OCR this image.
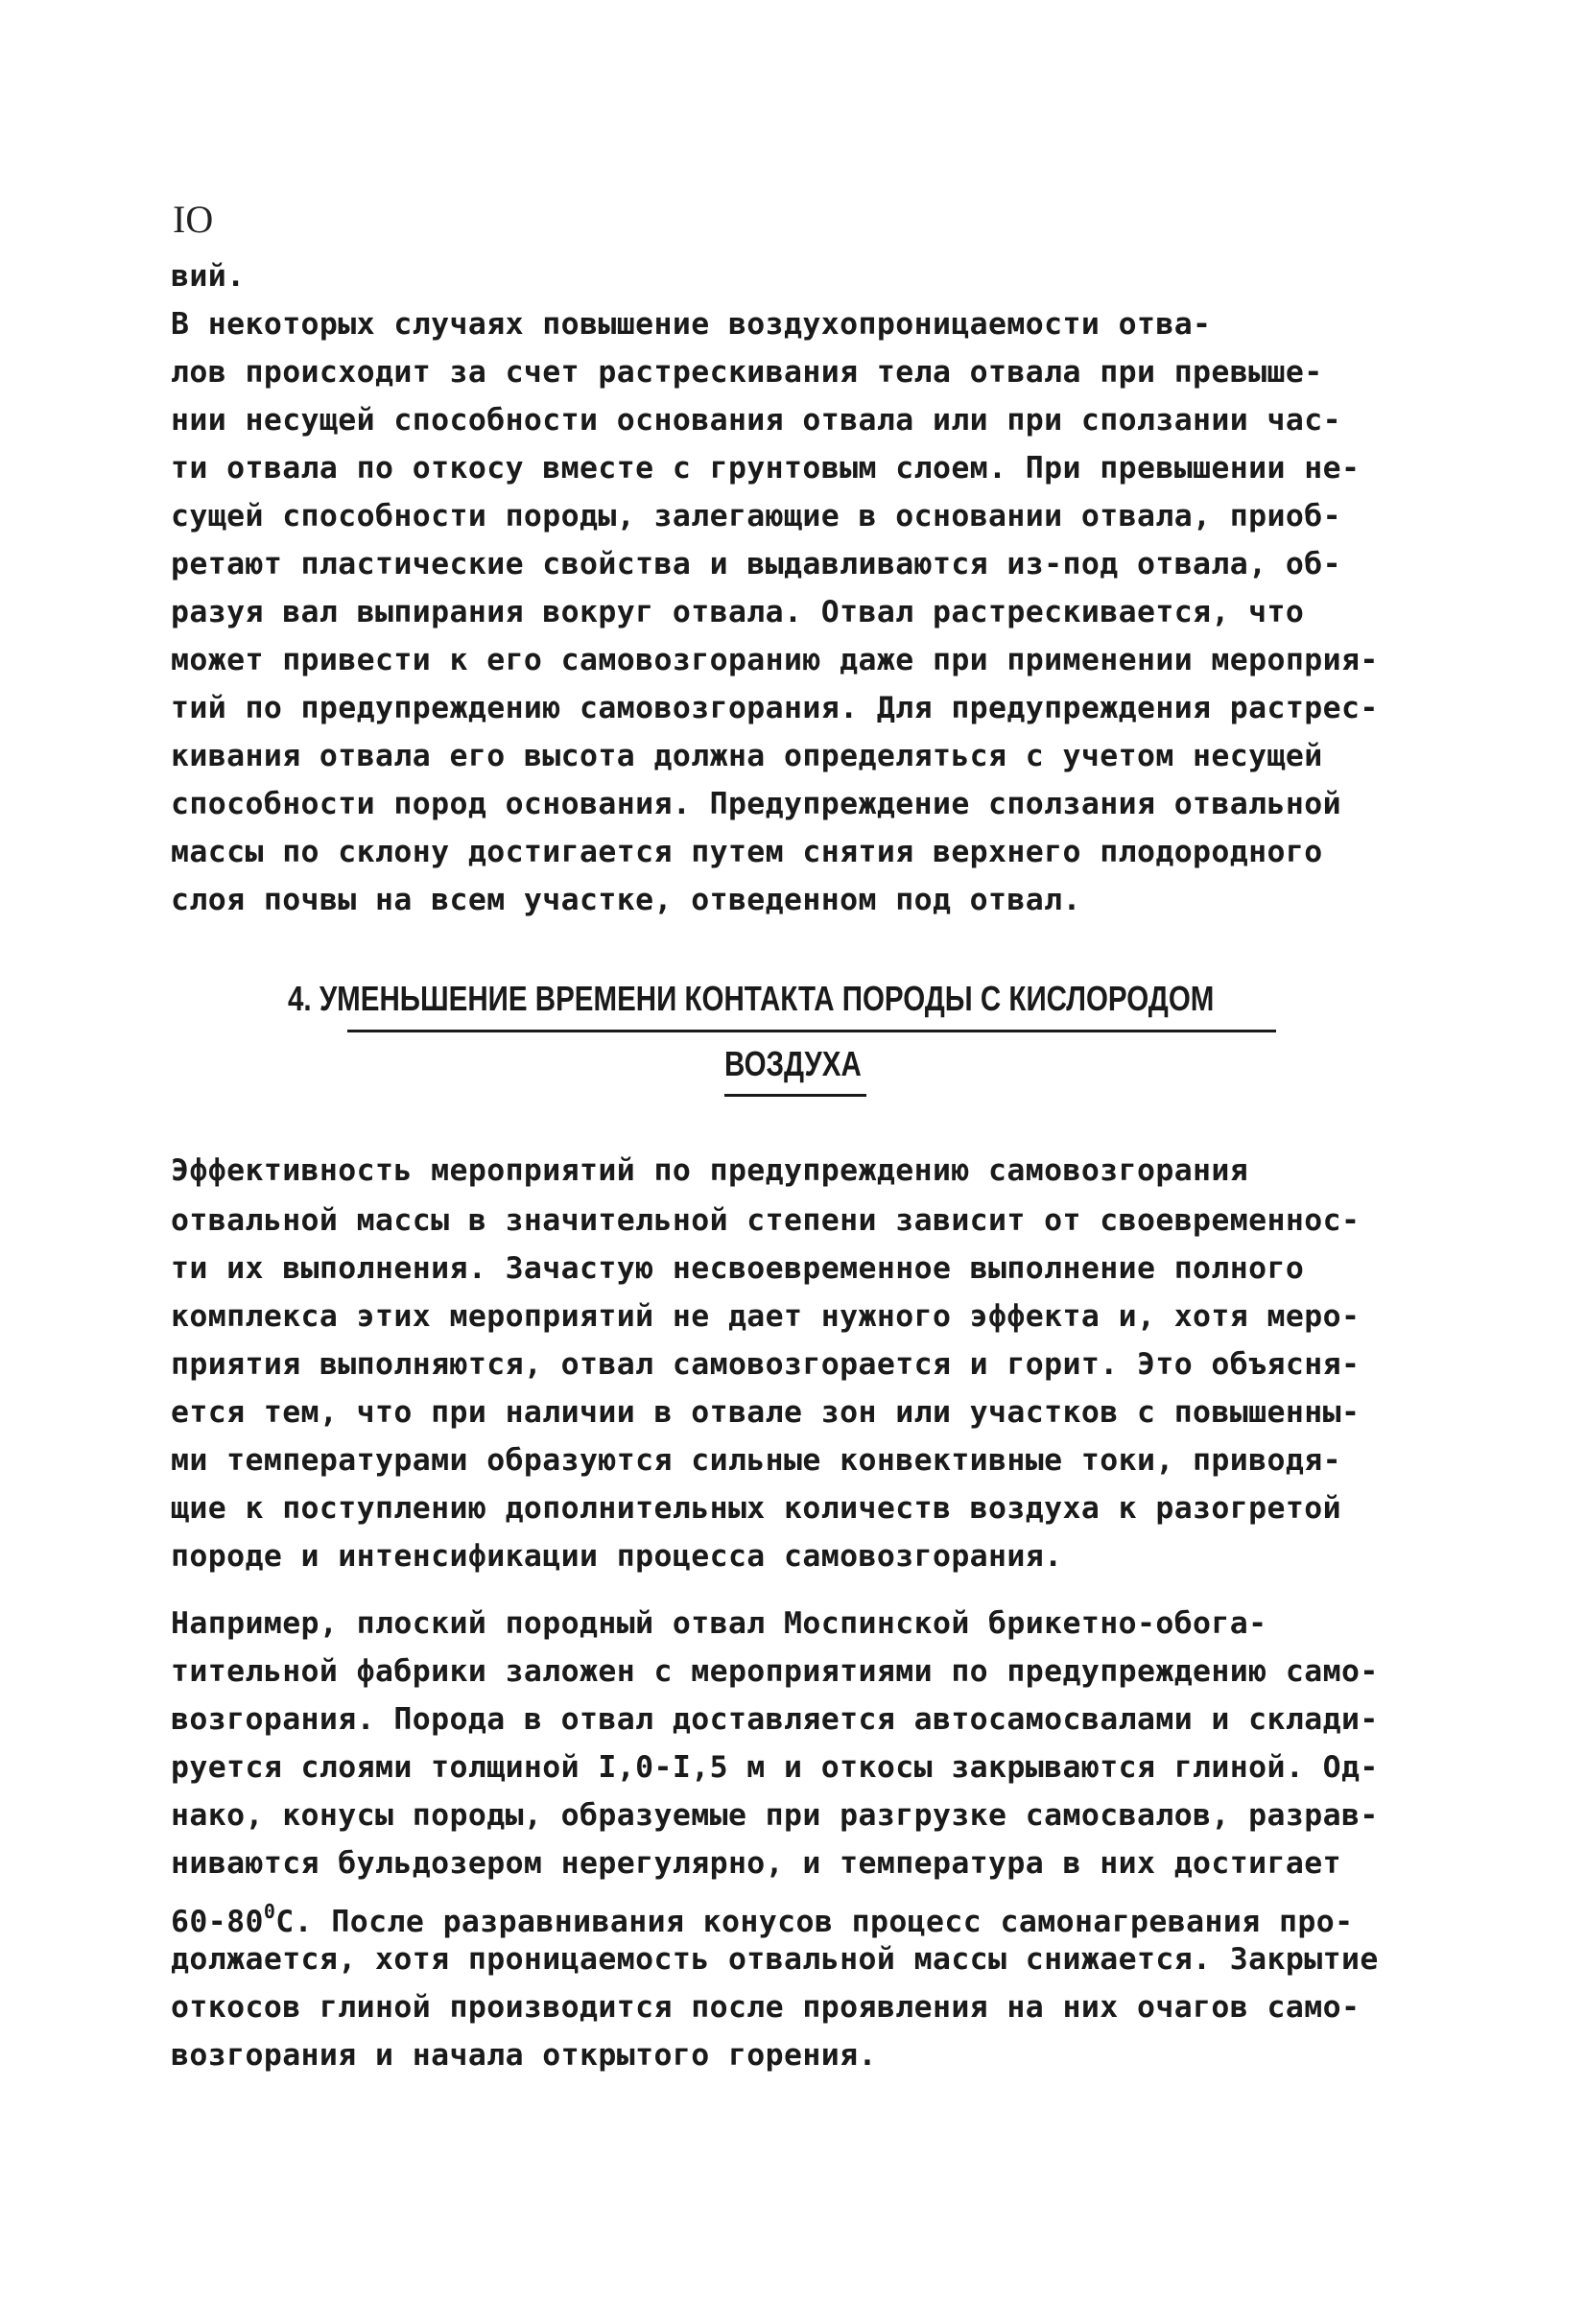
IO
вий.
В некоторых случаях повышение воздухопроницаемости отва-
лов происходит за счет растрескивания тела отвала при превыше-
нии несущей способности основания отвала или при сползании час-
ти отвала по откосу вместе с грунтовым слоем. При превышении не-
сущей способности породы, залегающие в основании отвала, приоб-
ретают пластические свойства и выдавливаются из-под отвала, об-
разуя вал выпирания вокруг отвала. Отвал растрескивается, что
может привести к его самовозгоранию даже при применении мероприя-
тий по предупреждению самовозгорания. Для предупреждения растрес-
кивания отвала его высота должна определяться с учетом несущей
способности пород основания. Предупреждение сползания отвальной
массы по склону достигается путем снятия верхнего плодородного
слоя почвы на всем участке, отведенном под отвал.
4. УМЕНЬШЕНИЕ ВРЕМЕНИ КОНТАКТА ПОРОДЫ С КИСЛОРОДОМ
ВОЗДУХА
Эффективность мероприятий по предупреждению самовозгорания
отвальной массы в значительной степени зависит от своевременнос-
ти их выполнения. Зачастую несвоевременное выполнение полного
комплекса этих мероприятий не дает нужного эффекта и, хотя меро-
приятия выполняются, отвал самовозгорается и горит. Это объясня-
ется тем, что при наличии в отвале зон или участков с повышенны-
ми температурами образуются сильные конвективные токи, приводя-
щие к поступлению дополнительных количеств воздуха к разогретой
породе и интенсификации процесса самовозгорания.
Например, плоский породный отвал Моспинской брикетно-обога-
тительной фабрики заложен с мероприятиями по предупреждению само-
возгорания. Порода в отвал доставляется автосамосвалами и склади-
руется слоями толщиной I,0-I,5 м и откосы закрываются глиной. Од-
нако, конусы породы, образуемые при разгрузке самосвалов, разрав-
ниваются бульдозером нерегулярно, и температура в них достигает
$60-80^0С$. После разравнивания конусов процесс самонагревания про-
должается, хотя проницаемость отвальной массы снижается. Закрытие
откосов глиной производится после проявления на них очагов само-
возгорания и начала открытого горения.
